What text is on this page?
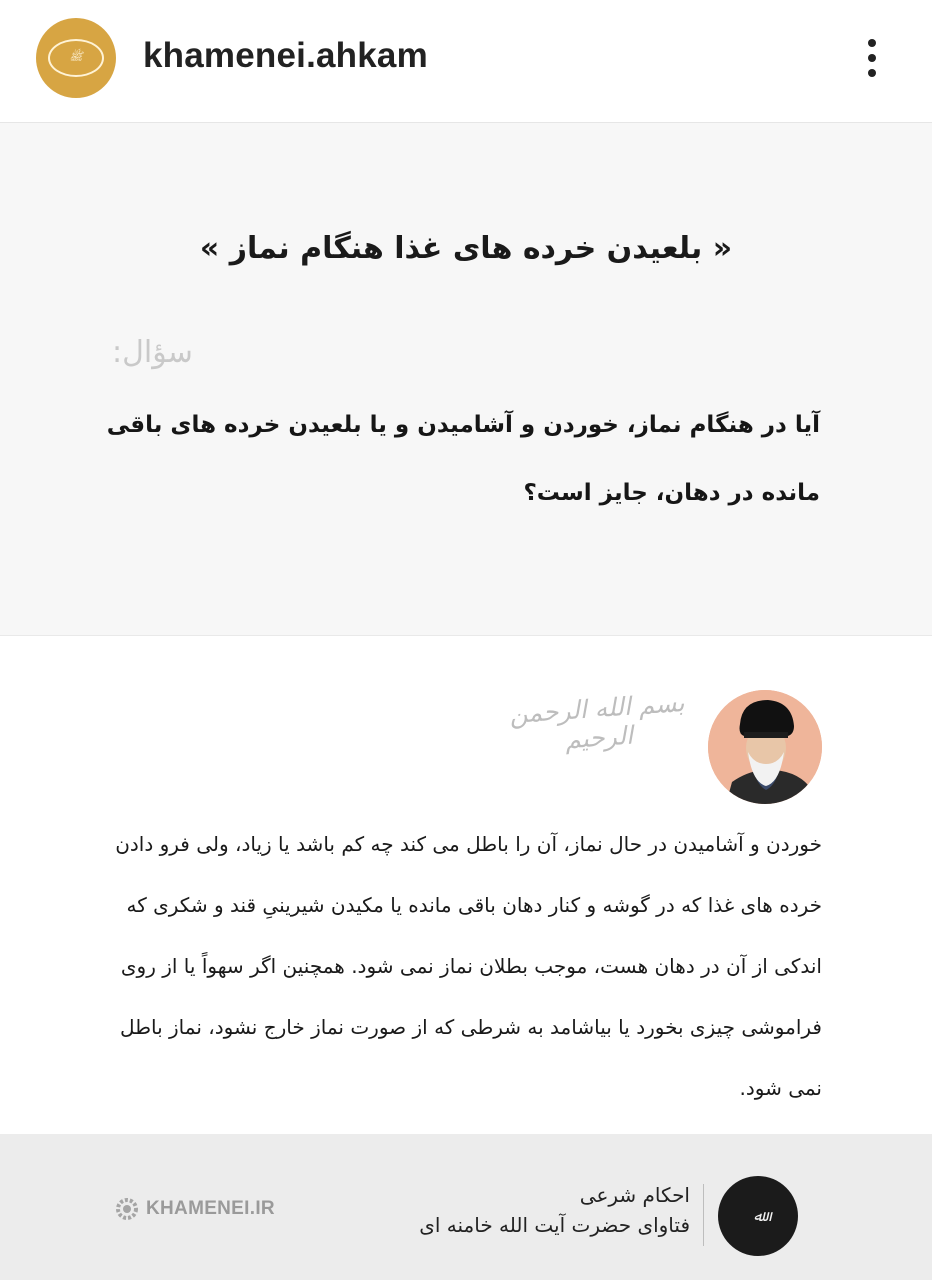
ﷺ khamenei.ahkam
« بلعیدن خرده های غذا هنگام نماز »
سؤال:
آیا در هنگام نماز، خوردن و آشامیدن و یا بلعیدن خرده های باقی مانده در دهان، جایز است؟
بسم الله الرحمن الرحیم
خوردن و آشامیدن در حال نماز، آن را باطل می کند چه کم باشد یا زیاد، ولی فرو دادن خرده های غذا که در گوشه و کنار دهان باقی مانده یا مکیدن شیرینیِ قند و شکری که اندکی از آن در دهان هست، موجب بطلان نماز نمی شود. همچنین اگر سهواً یا از روی فراموشی چیزی بخورد یا بیاشامد به شرطی که از صورت نماز خارج نشود، نماز باطل نمی شود.
KHAMENEI.IR
احکام شرعی
فتاوای حضرت آیت الله خامنه ای	ﷲ
